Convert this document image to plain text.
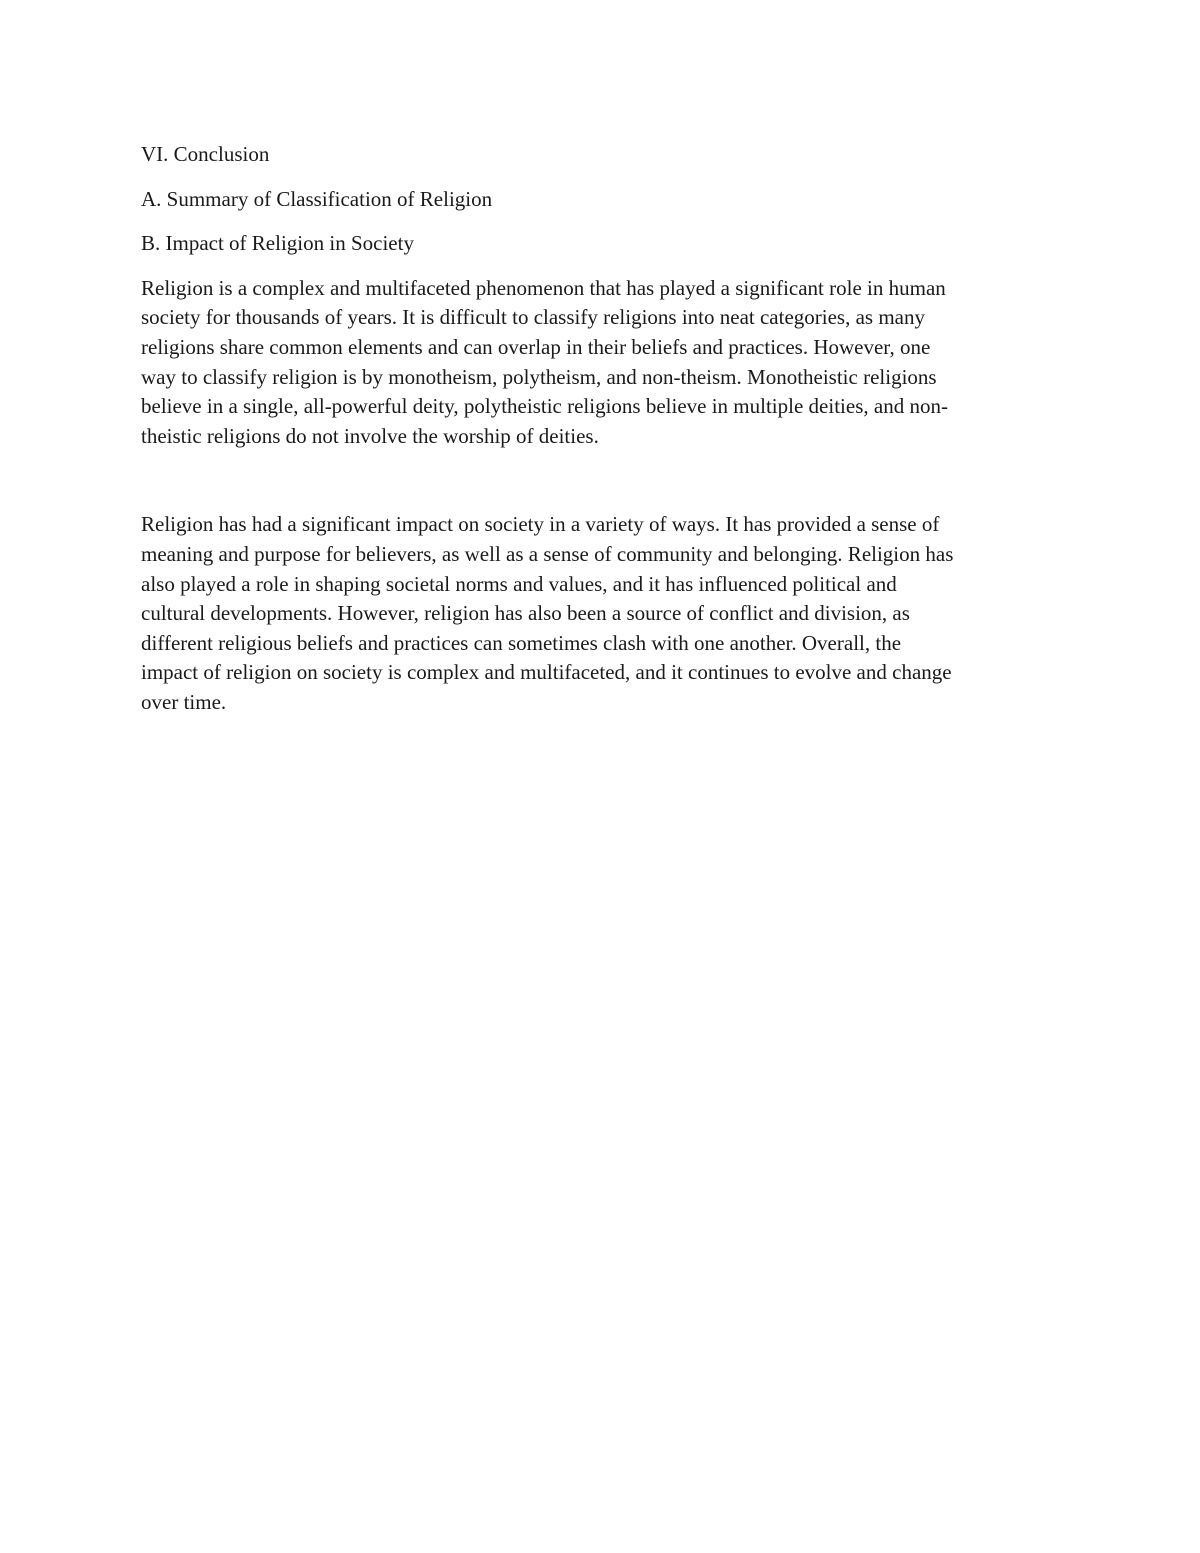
VI. Conclusion

A. Summary of Classification of Religion

B. Impact of Religion in Society

Religion is a complex and multifaceted phenomenon that has played a significant role in human
society for thousands of years. It is difficult to classify religions into neat categories, as many
religions share common elements and can overlap in their beliefs and practices. However, one
way to classify religion is by monotheism, polytheism, and non-theism. Monotheistic religions
believe in a single, all-powerful deity, polytheistic religions believe in multiple deities, and non-
theistic religions do not involve the worship of deities.

Religion has had a significant impact on society in a variety of ways. It has provided a sense of
meaning and purpose for believers, as well as a sense of community and belonging. Religion has
also played a role in shaping societal norms and values, and it has influenced political and
cultural developments. However, religion has also been a source of conflict and division, as
different religious beliefs and practices can sometimes clash with one another. Overall, the
impact of religion on society is complex and multifaceted, and it continues to evolve and change
over time.
